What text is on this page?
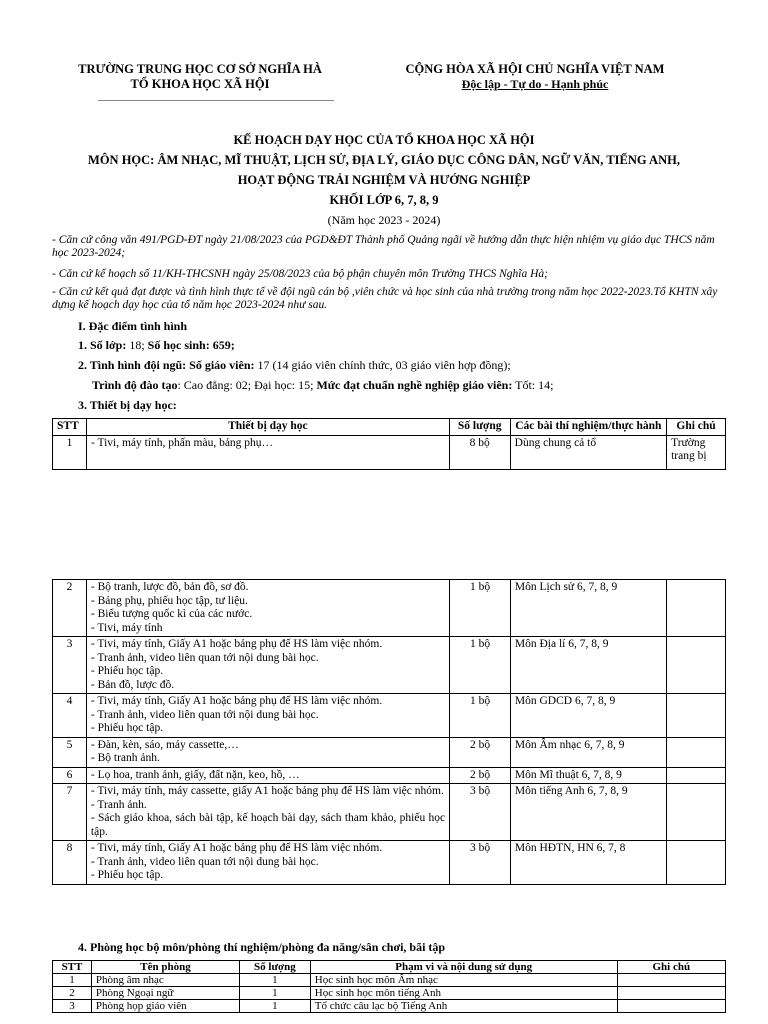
TRƯỜNG TRUNG HỌC CƠ SỞ NGHĨA HÀ
TỔ KHOA HỌC XÃ HỘI
CỘNG HÒA XÃ HỘI CHỦ NGHĨA VIỆT NAM
Độc lập - Tự do - Hạnh phúc
KẾ HOẠCH DẠY HỌC CỦA TỔ KHOA HỌC XÃ HỘI
MÔN HỌC: ÂM NHẠC, MĨ THUẬT, LỊCH SỬ, ĐỊA LÝ, GIÁO DỤC CÔNG DÂN, NGỮ VĂN, TIẾNG ANH,
HOẠT ĐỘNG TRẢI NGHIỆM VÀ HƯỚNG NGHIỆP
KHỐI LỚP 6, 7, 8, 9
(Năm học 2023 - 2024)
- Căn cứ công văn 491/PGD-ĐT ngày 21/08/2023 của PGD&ĐT Thành phố Quảng ngãi về hướng dẫn thực hiện nhiệm vụ giáo dục THCS năm học 2023-2024;
- Căn cứ kế hoạch số 11/KH-THCSNH ngày 25/08/2023 của bộ phận chuyên môn Trường THCS Nghĩa Hà;
- Căn cứ kết quả đạt được và tình hình thực tế về đội ngũ cán bộ ,viên chức và học sinh của nhà trường trong năm học 2022-2023.Tổ KHTN xây dựng kế hoạch dạy học của tổ năm học 2023-2024 như sau.
I. Đặc điểm tình hình
1. Số lớp: 18; Số học sinh: 659;
2. Tình hình đội ngũ: Số giáo viên: 17 (14 giáo viên chính thức, 03 giáo viên hợp đồng);
Trình độ đào tạo: Cao đẳng: 02; Đại học: 15; Mức đạt chuẩn nghề nghiệp giáo viên: Tốt: 14;
3. Thiết bị dạy học:
STT	Thiết bị dạy học	Số lượng	Các bài thí nghiệm/thực hành	Ghi chú
1	- Tivi, máy tính, phấn màu, bảng phụ…	8 bộ	Dùng chung cả tổ	Trường trang bị
2	- Bộ tranh, lược đồ, bản đồ, sơ đồ.
- Bảng phụ, phiếu học tập, tư liệu.
- Biểu tượng quốc kì của các nước.
- Tivi, máy tính	1 bộ	Môn Lịch sử 6, 7, 8, 9	
3	- Tivi, máy tính, Giấy A1 hoặc bảng phụ để HS làm việc nhóm.
- Tranh ảnh, video liên quan tới nội dung bài học.
- Phiếu học tập.
- Bản đồ, lược đồ.	1 bộ	Môn Địa lí 6, 7, 8, 9	
4	- Tivi, máy tính, Giấy A1 hoặc bảng phụ để HS làm việc nhóm.
- Tranh ảnh, video liên quan tới nội dung bài học.
- Phiếu học tập.	1 bộ	Môn GDCD 6, 7, 8, 9	
5	- Đàn, kèn, sáo, máy cassette,…
- Bộ tranh ảnh.	2 bộ	Môn Âm nhạc 6, 7, 8, 9	
6	- Lọ hoa, tranh ảnh, giấy, đất nặn, keo, hồ, …	2 bộ	Môn Mĩ thuật 6, 7, 8, 9	
7	- Tivi, máy tính, máy cassette, giấy A1 hoặc bảng phụ để HS làm việc nhóm.
- Tranh ảnh.
- Sách giáo khoa, sách bài tập, kế hoạch bài dạy, sách tham khảo, phiếu học tập.	3 bộ	Môn tiếng Anh 6, 7, 8, 9	
8	- Tivi, máy tính, Giấy A1 hoặc bảng phụ để HS làm việc nhóm.
- Tranh ảnh, video liên quan tới nội dung bài học.
- Phiếu học tập.	3 bộ	Môn HĐTN, HN 6, 7, 8	
4. Phòng học bộ môn/phòng thí nghiệm/phòng đa năng/sân chơi, bãi tập
STT	Tên phòng	Số lượng	Phạm vi và nội dung sử dụng	Ghi chú
1	Phòng âm nhạc	1	Học sinh học môn Âm nhạc	
2	Phòng Ngoại ngữ	1	Học sinh học môn tiếng Anh	
3	Phòng họp giáo viên	1	Tổ chức câu lạc bộ Tiếng Anh	
